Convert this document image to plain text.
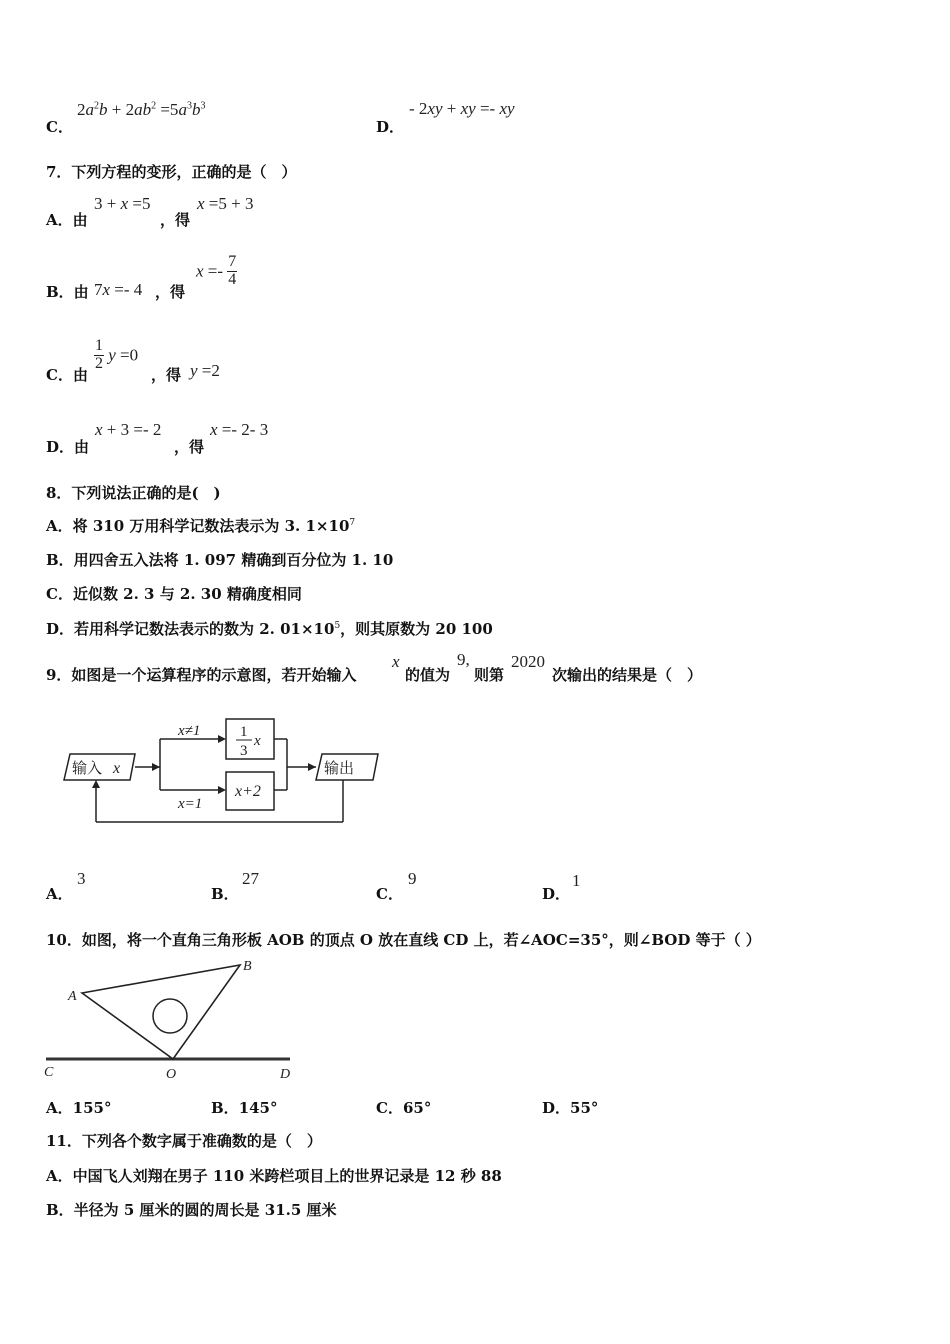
C．
$2a^2b + 2ab^2 =5a^3b^3$
D．
- 2xy + xy =- xy
7．下列方程的变形，正确的是（　）
A．由
3 + x =5
，得
x =5 + 3
B．由 7x =- 4 ，得
$x =- \frac{7}{4}$
C．由
$\frac{1}{2}$ y =0
，得 y =2
D．由
x + 3 =- 2
，得
x =- 2- 3
8．下列说法正确的是(　)
A．将 310 万用科学记数法表示为 3. $1\times 10^7$
B．用四舍五入法将 1. 097 精确到百分位为 1. 10
C．近似数 2. 3 与 2. 30 精确度相同
D．若用科学记数法表示的数为 2. $01\times 10^5$，则其原数为 20 100
9．如图是一个运算程序的示意图，若开始输入
x
的值为
9,
则第
2020
次输出的结果是（　）
输入 x	输出
x≠1
x=1
1
3
x
x+2
A．
3
B．
27
C．
9
D．
1
10．如图，将一个直角三角形板 AOB 的顶点 O 放在直线 CD 上，若∠AOC=35°，则∠BOD 等于（ ）
A
B
C	O	D
A．155°	B．145°	C．65°	D．55°
11．下列各个数字属于准确数的是（　）
A．中国飞人刘翔在男子 110 米跨栏项目上的世界记录是 12 秒 88
B．半径为 5 厘米的圆的周长是 31.5 厘米
